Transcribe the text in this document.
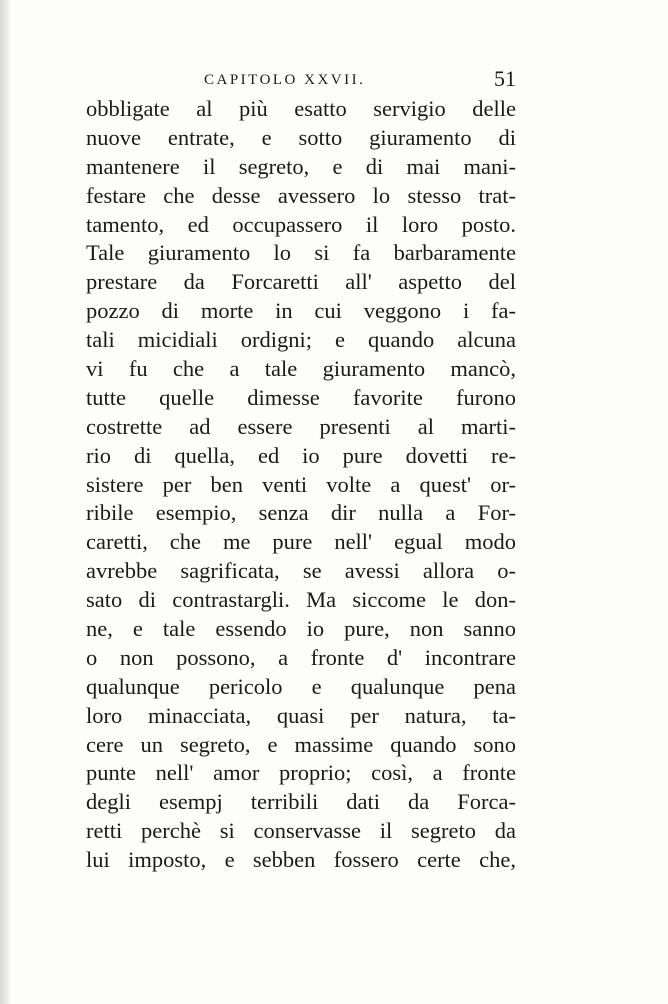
CAPITOLO XXVII.	51
obbligate al più esatto servigio delle
nuove entrate, e sotto giuramento di
mantenere il segreto, e di mai mani-
festare che desse avessero lo stesso trat-
tamento, ed occupassero il loro posto.
Tale giuramento lo si fa barbaramente
prestare da Forcaretti all' aspetto del
pozzo di morte in cui veggono i fa-
tali micidiali ordigni; e quando alcuna
vi fu che a tale giuramento mancò,
tutte quelle dimesse favorite furono
costrette ad essere presenti al marti-
rio di quella, ed io pure dovetti re-
sistere per ben venti volte a quest' or-
ribile esempio, senza dir nulla a For-
caretti, che me pure nell' egual modo
avrebbe sagrificata, se avessi allora o-
sato di contrastargli. Ma siccome le don-
ne, e tale essendo io pure, non sanno
o non possono, a fronte d' incontrare
qualunque pericolo e qualunque pena
loro minacciata, quasi per natura, ta-
cere un segreto, e massime quando sono
punte nell' amor proprio; così, a fronte
degli esempj terribili dati da Forca-
retti perchè si conservasse il segreto da
lui imposto, e sebben fossero certe che,
